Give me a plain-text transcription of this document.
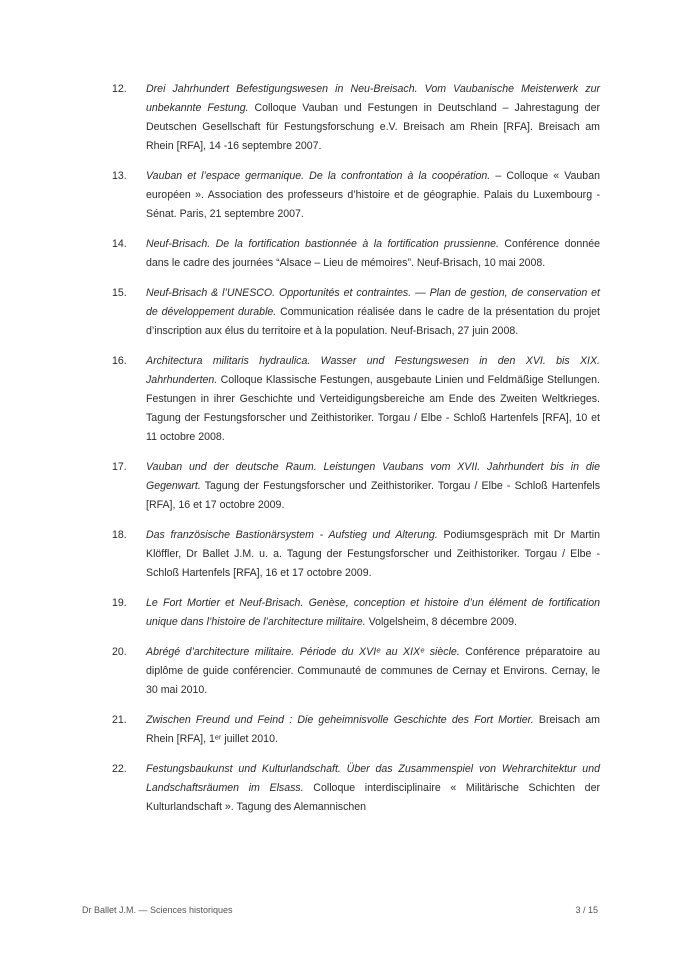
12. Drei Jahrhundert Befestigungswesen in Neu-Breisach. Vom Vaubanische Meisterwerk zur unbekannte Festung. Colloque Vauban und Festungen in Deutschland – Jahrestagung der Deutschen Gesellschaft für Festungsforschung e.V. Breisach am Rhein [RFA]. Breisach am Rhein [RFA], 14 -16 septembre 2007.
13. Vauban et l’espace germanique. De la confrontation à la coopération. – Colloque « Vauban européen ». Association des professeurs d’histoire et de géographie. Palais du Luxembourg - Sénat. Paris, 21 septembre 2007.
14. Neuf-Brisach. De la fortification bastionnée à la fortification prussienne. Conférence donnée dans le cadre des journées “Alsace – Lieu de mémoires”. Neuf-Brisach, 10 mai 2008.
15. Neuf-Brisach & l’UNESCO. Opportunités et contraintes. — Plan de gestion, de conservation et de développement durable. Communication réalisée dans le cadre de la présentation du projet d’inscription aux élus du territoire et à la population. Neuf-Brisach, 27 juin 2008.
16. Architectura militaris hydraulica. Wasser und Festungswesen in den XVI. bis XIX. Jahrhunderten. Colloque Klassische Festungen, ausgebaute Linien und Feldmäßige Stellungen. Festungen in ihrer Geschichte und Verteidigungsbereiche am Ende des Zweiten Weltkrieges. Tagung der Festungsforscher und Zeithistoriker. Torgau / Elbe - Schloß Hartenfels [RFA], 10 et 11 octobre 2008.
17. Vauban und der deutsche Raum. Leistungen Vaubans vom XVII. Jahrhundert bis in die Gegenwart. Tagung der Festungsforscher und Zeithistoriker. Torgau / Elbe - Schloß Hartenfels [RFA], 16 et 17 octobre 2009.
18. Das französische Bastionärsystem - Aufstieg und Alterung. Podiumsgespräch mit Dr Martin Klöffler, Dr Ballet J.M. u. a. Tagung der Festungsforscher und Zeithistoriker. Torgau / Elbe - Schloß Hartenfels [RFA], 16 et 17 octobre 2009.
19. Le Fort Mortier et Neuf-Brisach. Genèse, conception et histoire d’un élément de fortification unique dans l’histoire de l’architecture militaire. Volgelsheim, 8 décembre 2009.
20. Abrégé d’architecture militaire. Période du XVIᵉ au XIXᵉ siècle. Conférence préparatoire au diplôme de guide conférencier. Communauté de communes de Cernay et Environs. Cernay, le 30 mai 2010.
21. Zwischen Freund und Feind : Die geheimnisvolle Geschichte des Fort Mortier. Breisach am Rhein [RFA], 1ᵉʳ juillet 2010.
22. Festungsbaukunst und Kulturlandschaft. Über das Zusammenspiel von Wehrarchitektur und Landschaftsräumen im Elsass. Colloque interdisciplinaire « Militärische Schichten der Kulturlandschaft ». Tagung des Alemannischen
Dr Ballet J.M. — Sciences historiques	3 / 15
